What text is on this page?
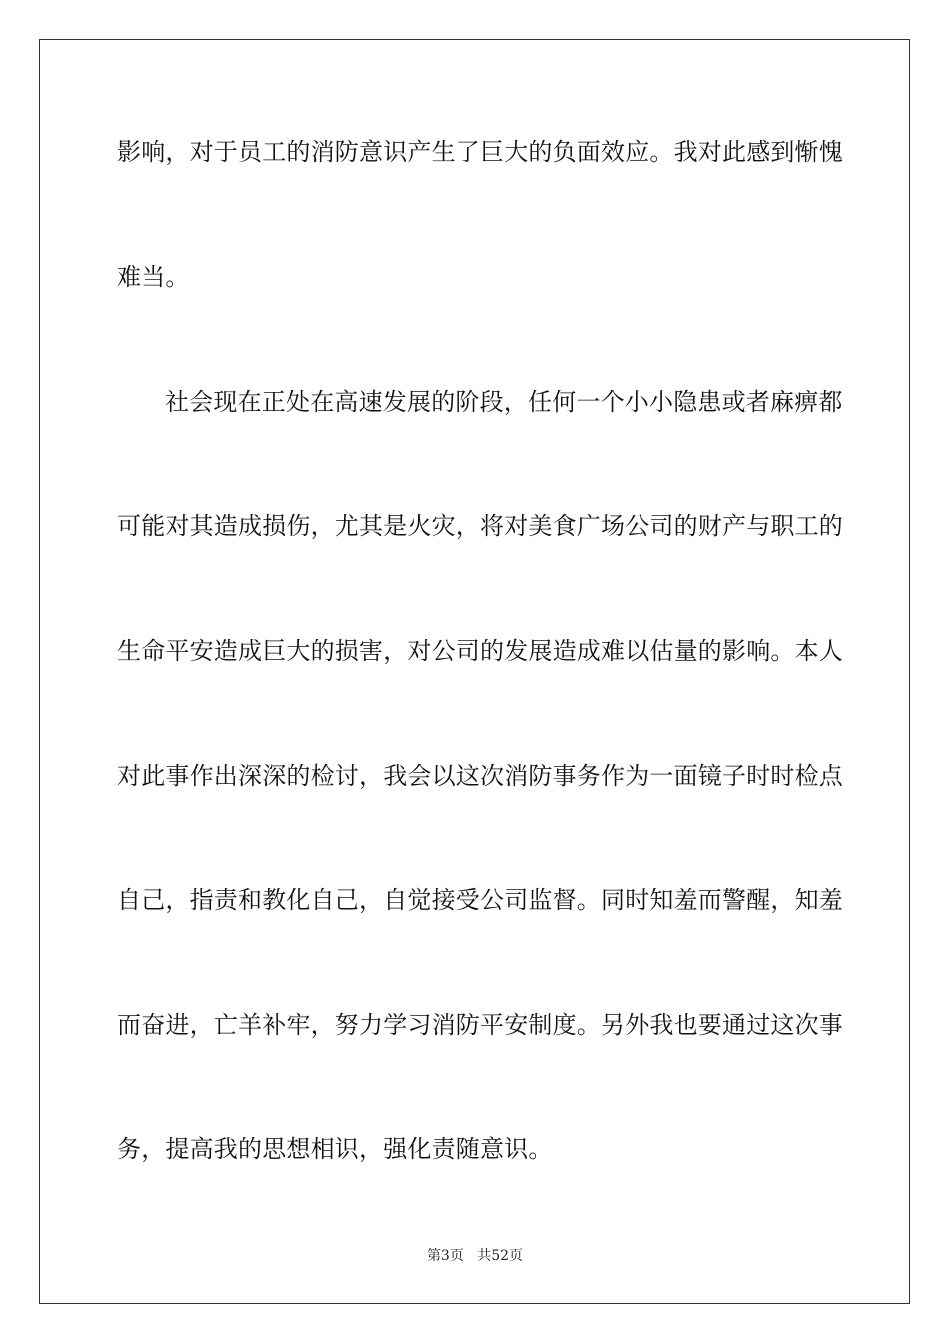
影响，对于员工的消防意识产生了巨大的负面效应。我对此感到惭愧
难当。
社会现在正处在高速发展的阶段，任何一个小小隐患或者麻痹都
可能对其造成损伤，尤其是火灾，将对美食广场公司的财产与职工的
生命平安造成巨大的损害，对公司的发展造成难以估量的影响。本人
对此事作出深深的检讨，我会以这次消防事务作为一面镜子时时检点
自己，指责和教化自己，自觉接受公司监督。同时知羞而警醒，知羞
而奋进，亡羊补牢，努力学习消防平安制度。另外我也要通过这次事
务，提高我的思想相识，强化责随意识。
第3页 共52页
